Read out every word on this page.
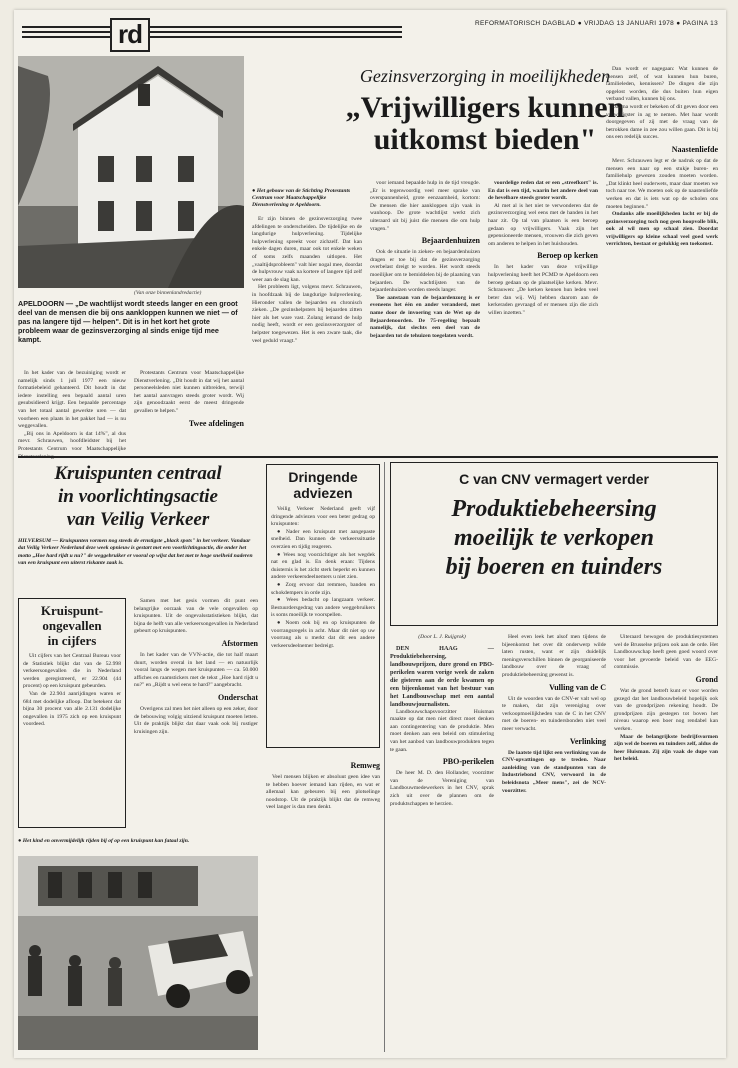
rd	REFORMATORISCH DAGBLAD ● VRIJDAG 13 JANUARI 1978 ● PAGINA 13
(Van onze binnenlandredactie)
Gezinsverzorging in moeilijkheden
„Vrijwilligers kunnen
uitkomst bieden"
● Het gebouw van de Stichting Protestants Centrum voor Maatschappelijke Dienstverlening te Apeldoorn.
APELDOORN — „De wachtlijst wordt steeds langer en een groot deel van de mensen die bij ons aankloppen kunnen we niet — of pas na langere tijd — helpen". Dit is in het kort het grote probleem waar de gezinsverzorging al sinds enige tijd mee kampt.

In het kader van de bezuiniging wordt er namelijk sinds 1 juli 1977 een nieuw formatiebeleid gehanteerd. Dit houdt in dat iedere instelling een bepaald aantal uren gesubsidieerd krijgt. Een bepaalde percentage van het totaal aantal gewerkte uren — dat voorheen een plaats in het pakket had — is nu weggevallen.

„Bij ons in Apeldoorn is dat 14%", al dus mevr. Schrauwen, hoofdleidster bij het Protestants Centrum voor Maatschappelijke

Protestants Centrum voor Maatschappelijke Dienstverlening. „Dit houdt in dat wij het aantal personeelsleden niet kunnen uitbreiden, terwijl het aantal aanvragen steeds groter wordt. Wij zijn genoodzaakt eerst de meest dringende gevallen te helpen."

Twee afdelingen

Er zijn binnen de gezinsverzorging twee afdelingen te onderscheiden. De tijdelijke en de langdurige hulpverlening. Tijdelijke hulpverlening spreekt voor zichzelf. Dat kan enkele dagen duren, maar ook tot enkele weken of soms zelfs maanden uitlopen. Het „vaaltijdsprobleem" valt hier nogal mee, doordat de hulpvrouw vaak na kortere of langere tijd zelf weer aan de slag kan.

Het probleem ligt, volgens mevr. Schrauwen, in hoofdzaak bij de langdurige hulpverlening. Hieronder vallen de bejaarden en chronisch zieken. „De gezinshelpsters bij bejaarden zitten hier als het ware vast. Zolang iemand de hulp nodig heeft, wordt er een gezinsverzorgster of helpster toegewezen. Het is een zware taak, die veel geduld vraagt."

voor iemand bepaalde hulp in de tijd vreugde. „Er is tegenwoordig veel meer sprake van overspannenheid, grote eenzaamheid, kortom: De mensen die hier aankloppen zijn vaak in wanhoop. De grote wachtlijst werkt zich uiteraard uit bij juist die mensen die om hulp vragen."

Bejaardenhuizen

Ook de situatie in zieken- en bejaardenhuizen dragen er toe bij dat de gezinsverzorging overbelast dreigt te worden. Het wordt steeds moeilijker om te bemiddelen bij de plaatsing van bejaarden. De wachtlijsten van de bejaardenhuizen worden steeds langer.

Toe aanstaan van de bejaardenzorg is er eveneens het één en ander veranderd, met name door de invoering van de Wet op de Bejaardenoorden. De 75-regeling bepaalt namelijk, dat slechts een deel van de bejaarden tot de tehuizen toegelaten wordt.

voordelige reden dat er een „streefkort" is. En dat is een tijd, waarin het andere deel van de hevelbare steeds groter wordt.

Al met al is het niet te verwonderen dat de gezinsverzorging wel eens met de handen in het haar zit. Op tal van plaatsen is een beroep gedaan op vrijwilligers. Vaak zijn het gepensioneerde mensen, vrouwen die zich geven om anderen te helpen in het huishouden.

Beroep op kerken

In het kader van deze vrijwillige hulpverlening heeft het PCMD te Apeldoorn een beroep gedaan op de plaatselijke kerken. Mevr. Schrauwen: „De kerken kennen hun leden veel beter dan wij. Wij hebben daarom aan de kerkeraden gevraagd of er mensen zijn die zich willen inzetten."

Dan wordt er nagegaan: Wat kunnen de mensen zelf, of wat kunnen hun buren, familieleden, kennissen? De dingen die zijn opgelost worden, die dus buiten hun eigen verband vallen, kunnen bij ons.

Daarna wordt er bekeken of dit geven door een vrijwilligster in ag te nemen. Met haar wordt doorgegeven of zij met de vraag van de betrokken dame in zee zou willen gaan. Dit is bij ons een redelijk succes.

Naastenliefde

Mevr. Schrauwen legt er de nadruk op dat de mensen een naar op een stukje buren- en familiehulp gewezen zouden moeten worden. „Dat klinkt heel ouderwets, maar daar moeten we toch naar toe. We moeten ook op de naastenliefde werken en dat is iets wat op de scholen ons moeten beginnen."

Ondanks alle moeilijkheden lacht er bij de gezinsverzorging toch nog geen hoopvolle blik, ook al wil men op schaal zien. Doordat vrijwilligers op kleine schaal veel goed werk verrichten, bestaat er gelukkig een toekomst.

Kruispunten centraal
in voorlichtingsactie
van Veilig Verkeer
HILVERSUM — Kruispunten vormen nog steeds de ernstigste „black spots" in het verkeer. Vandaar dat Veilig Verkeer Nederland deze week opnieuw is gestart met een voorlichtingsactie, die onder het motto „Hoe hard rijdt u nu?" de weggebruiker er vooral op wijst dat het met te hoge snelheid naderen van een kruispunt een uiterst riskante zaak is.
Kruispunt-
ongevallen
in cijfers

Uit cijfers van het Centraal Bureau voor de Statistiek blijkt dat van de 52.998 verkeersongevallen die in Nederland werden geregistreerd, er 22.904 (44 procent) op een kruispunt gebeurden.

Van de 22.904 aanrijdingen waren er 684 met dodelijke afloop. Dat betekent dat bijna 30 procent van alle 2.131 dodelijke ongevallen in 1975 zich op een kruispunt voordeed.

Samen met het gesis vormen dit punt een belangrijke oorzaak van de vele ongevallen op kruispunten. Uit de ongevalsstatistieken blijkt, dat bijna de helft van alle verkeersongevallen in Nederland gebeurt op kruispunten.

Afstormen

In het kader van de VVN-actie, die tot half maart duurt, worden overal in het land — en natuurlijk vooral langs de wegen met kruispunten — ca. 50.000 affiches en raamstickers met de tekst „Hoe hard rijdt u nu?" en „Rijdt u wel eens te hard?" aangebracht.

Onderschat

Overigens zal men het niet alleen op een zeker, door de bebouwing volgig uitziend kruispunt moeten letten. Uit de praktijk blijkt dat daar vaak ook bij rustiger kruisingen zijn.

● Het kind en onvermijdelijk rijden bij of op een kruispunt kan fataal zijn.
Dringende
adviezen

Veilig Verkeer Nederland geeft vijf dringende adviezen voor een beter gedrag op kruispunten:

● Nader een kruispunt met aangepaste snelheid. Dan kunnen de verkeerssituatie overzien en tijdig reageren.

● Wees nog voorzichtiger als het wegdek nat en glad is. En denk eraan: Tijdens duisternis is het zicht sterk beperkt en kunnen andere verkeersdeelnemers u niet zien.

● Zorg ervoor dat remmen, banden en schokdempers in orde zijn.

● Wees bedacht op langzaam verkeer. Bestuurdersgedrag van andere weggebruikers is soms moeilijk te voorspellen.

● Noem ook bij en op kruispunten de voorrangsregels in acht. Maar dit niet op uw voorrang als u merkt dat dit een andere verkeersdeelnemer bedreigt.

Remweg

Veel mensen blijken er absoluut geen idee van te hebben hoever iemand kan rijden, en wat er allemaal kan gebeuren bij een plotselinge noodstop. Uit de praktijk blijkt dat de remweg veel langer is dan men denkt.

C van CNV vermagert verder
Produktiebeheersing
moeilijk te verkopen
bij boeren en tuinders
(Door L. J. Ruijgrok)

DEN HAAG — Produktiebeheersing, landbouwprijzen, dure grond en PBO-perikelen waren vorige week de zaken die gisteren aan de orde kwamen op een bijeenkomst van het bestuur van het Landbouwschap met een aantal landbouwjournalisten.

Landbouwschapsvoorzitter Huisman maakte op dat men niet direct moet denken aan contingentering van de produktie. Men moet denken aan een beleid om stimulering van het aanbod van landbouwprodukten tegen te gaan.

PBO-perikelen

De heer M. D. den Hollander, voorzitter van de Vereniging van Landbouwmedewerkers in het CNV, sprak zich uit over de plannen om de produktschappen te herzien.

Heel even leek het alsof men tijdens de bijeenkomst het over dit onderwerp wilde laten rusten, want er zijn duidelijk meningsverschillen binnen de georganiseerde landbouw over de vraag of produktiebeheersing gewenst is.

Vulling van de C

Uit de woorden van de CNV-er valt wel op te maken, dat zijn vereniging over verkoopmoeilijkheden van de C in het CNV met de boeren- en tuindersbonden niet veel meer verwacht.

Verlinking

De laatste tijd lijkt een verlinking van de CNV-opvattingen op te treden. Naar aanleiding van de standpunten van de Industriebond CNV, verwoord in de beleidsnota „Meer mens", zei de NCV-voorzitter.

Uiteraard bewogen de produktiesystemen wel de Brusselse prijzen ook aan de orde. Het Landbouwschap heeft geen goed woord over voor het gevoerde beleid van de EEG-commissie.

Grond

Wat de grond betreft kunt er voor worden gezegd dat het landbouwbeleid hopelijk ook van de grondprijzen rekening houdt. De grondprijzen zijn gestegen tot boven het niveau waarop een boer nog rendabel kan werken.

Maar de belangrijkste bedrijfsvormen zijn wel de boeren en tuinders zelf, aldus de heer Huisman. Zij zijn vaak de dupe van het beleid.
